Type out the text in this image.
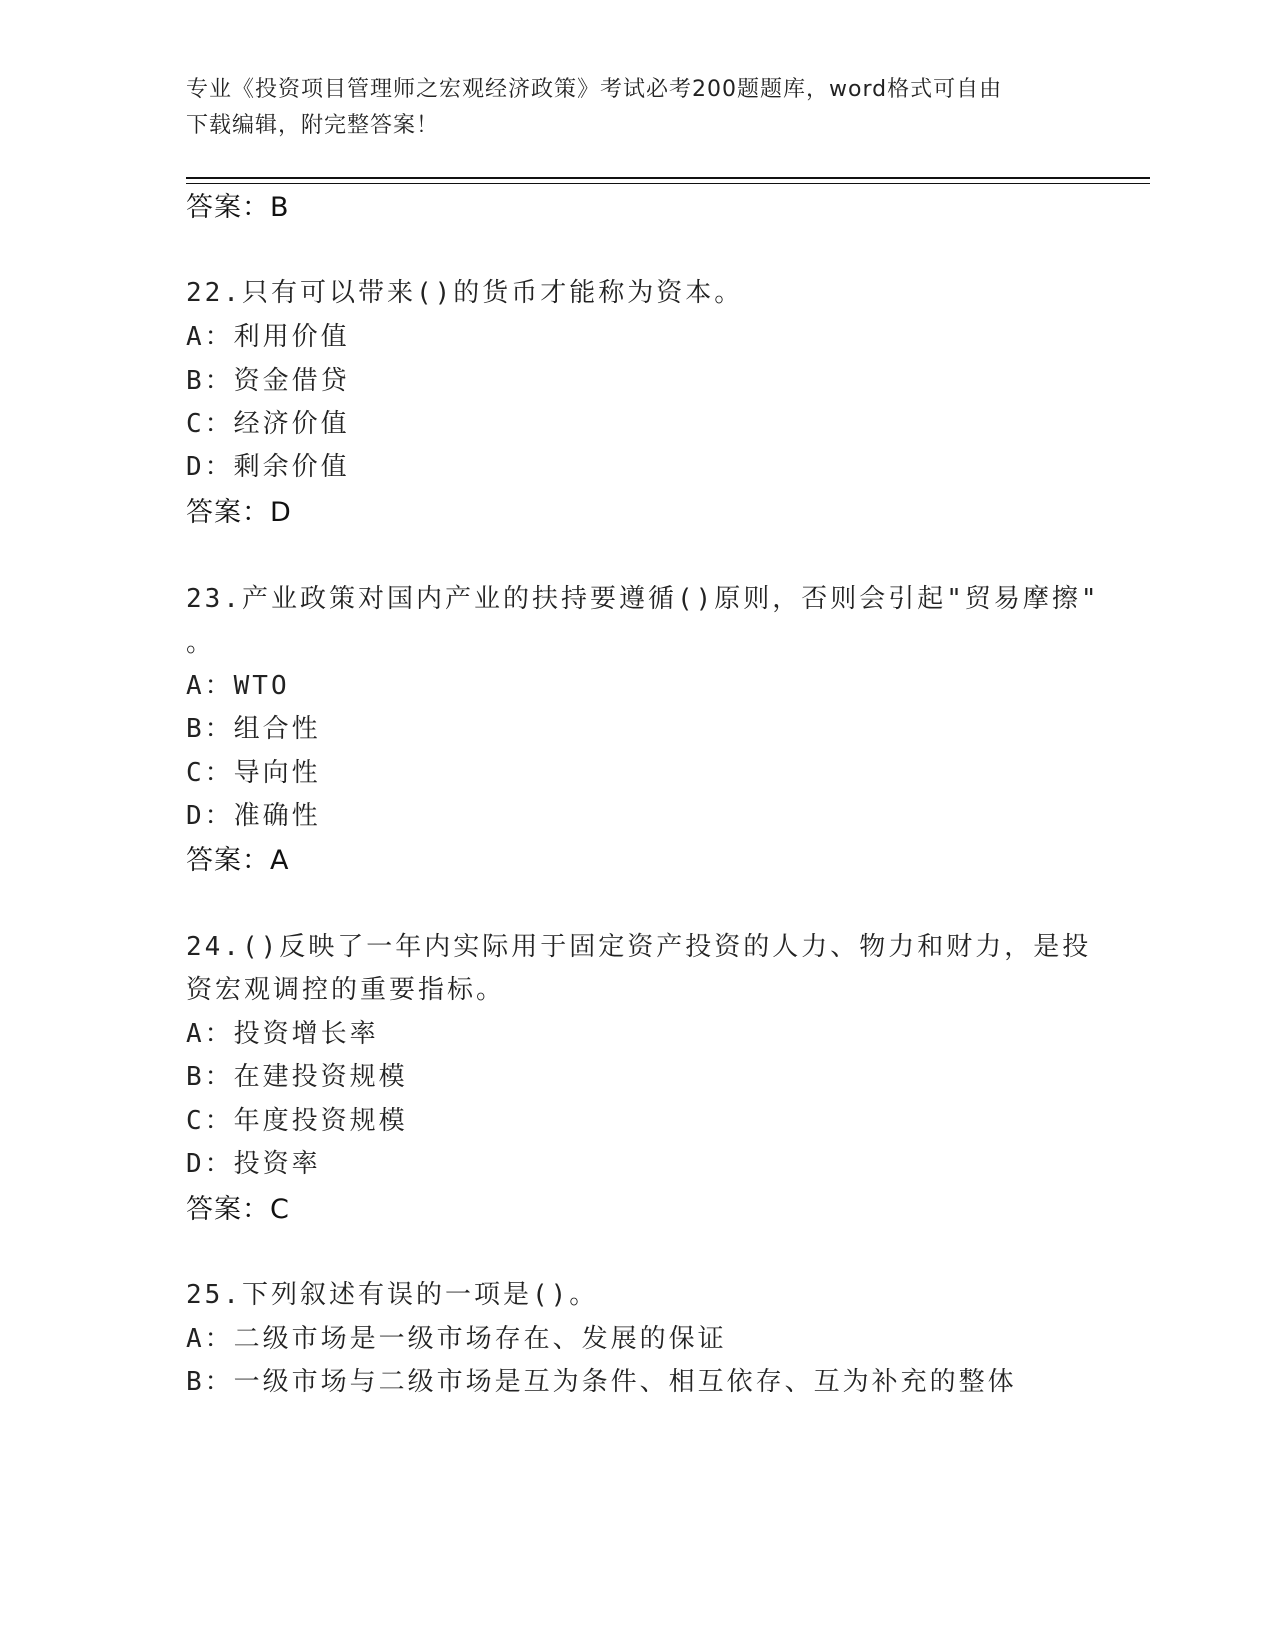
专业《投资项目管理师之宏观经济政策》考试必考200题题库，word格式可自由
下载编辑，附完整答案！
答案：B
22.只有可以带来()的货币才能称为资本。
A：利用价值
B：资金借贷
C：经济价值
D：剩余价值
答案：D
23.产业政策对国内产业的扶持要遵循()原则，否则会引起"贸易摩擦"
。
A：WTO
B：组合性
C：导向性
D：准确性
答案：A
24.()反映了一年内实际用于固定资产投资的人力、物力和财力，是投
资宏观调控的重要指标。
A：投资增长率
B：在建投资规模
C：年度投资规模
D：投资率
答案：C
25.下列叙述有误的一项是()。
A：二级市场是一级市场存在、发展的保证
B：一级市场与二级市场是互为条件、相互依存、互为补充的整体
